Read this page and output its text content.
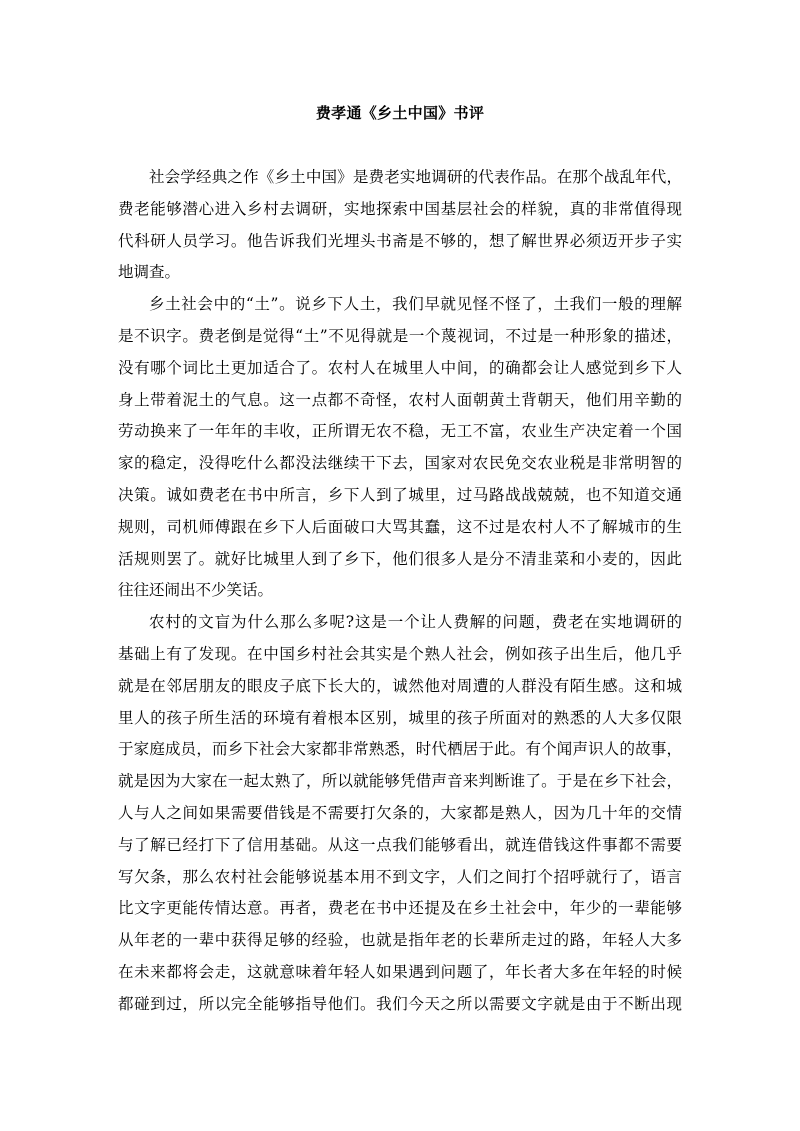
费孝通《乡土中国》书评
社会学经典之作《乡土中国》是费老实地调研的代表作品。在那个战乱年代，
费老能够潜心进入乡村去调研，实地探索中国基层社会的样貌，真的非常值得现
代科研人员学习。他告诉我们光埋头书斋是不够的，想了解世界必须迈开步子实
地调查。
乡土社会中的“土”。说乡下人土，我们早就见怪不怪了，土我们一般的理解
是不识字。费老倒是觉得“土”不见得就是一个蔑视词，不过是一种形象的描述，
没有哪个词比土更加适合了。农村人在城里人中间，的确都会让人感觉到乡下人
身上带着泥土的气息。这一点都不奇怪，农村人面朝黄土背朝天，他们用辛勤的
劳动换来了一年年的丰收，正所谓无农不稳，无工不富，农业生产决定着一个国
家的稳定，没得吃什么都没法继续干下去，国家对农民免交农业税是非常明智的
决策。诚如费老在书中所言，乡下人到了城里，过马路战战兢兢，也不知道交通
规则，司机师傅跟在乡下人后面破口大骂其蠢，这不过是农村人不了解城市的生
活规则罢了。就好比城里人到了乡下，他们很多人是分不清韭菜和小麦的，因此
往往还闹出不少笑话。
农村的文盲为什么那么多呢?这是一个让人费解的问题，费老在实地调研的
基础上有了发现。在中国乡村社会其实是个熟人社会，例如孩子出生后，他几乎
就是在邻居朋友的眼皮子底下长大的，诚然他对周遭的人群没有陌生感。这和城
里人的孩子所生活的环境有着根本区别，城里的孩子所面对的熟悉的人大多仅限
于家庭成员，而乡下社会大家都非常熟悉，时代栖居于此。有个闻声识人的故事，
就是因为大家在一起太熟了，所以就能够凭借声音来判断谁了。于是在乡下社会，
人与人之间如果需要借钱是不需要打欠条的，大家都是熟人，因为几十年的交情
与了解已经打下了信用基础。从这一点我们能够看出，就连借钱这件事都不需要
写欠条，那么农村社会能够说基本用不到文字，人们之间打个招呼就行了，语言
比文字更能传情达意。再者，费老在书中还提及在乡土社会中，年少的一辈能够
从年老的一辈中获得足够的经验，也就是指年老的长辈所走过的路，年轻人大多
在未来都将会走，这就意味着年轻人如果遇到问题了，年长者大多在年轻的时候
都碰到过，所以完全能够指导他们。我们今天之所以需要文字就是由于不断出现
